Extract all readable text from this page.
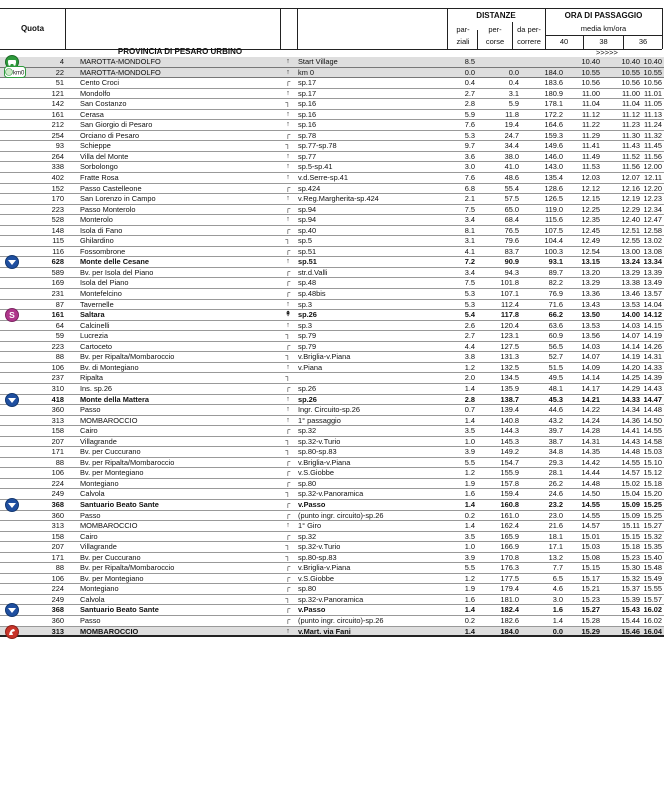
Quota
DISTANZE
par-
ziali
per-
corse
da per-
correre
ORA DI PASSAGGIO
media km/ora
40	38	36
PROVINCIA DI PESARO URBINO	>>>>>
4 MAROTTA-MONDOLFO	↑	Start Village	8.5	10.40	10.40 10.40
km0	22 MAROTTA-MONDOLFO	↑	km 0	0.0	0.0	184.0	10.55	10.55 10.55
51 Cento Croci	┌	sp.17	0.4	0.4	183.6	10.56	10.56 10.56
121 Mondolfo	↑	sp.17	2.7	3.1	180.9	11.00	11.00 11.01
142 San Costanzo	┐	sp.16	2.8	5.9	178.1	11.04	11.04 11.05
161 Cerasa	↑	sp.16	5.9	11.8	172.2	11.12	11.12 11.13
212 San Giorgio di Pesaro	↑	sp.16	7.6	19.4	164.6	11.22	11.23 11.24
254 Orciano di Pesaro	┌	sp.78	5.3	24.7	159.3	11.29	11.30 11.32
93 Schieppe	┐	sp.77-sp.78	9.7	34.4	149.6	11.41	11.43 11.45
264 Villa del Monte	↑	sp.77	3.6	38.0	146.0	11.49	11.52 11.56
338 Sorbolongo	↑	sp.5-sp.41	3.0	41.0	143.0	11.53	11.56 12.00
402 Fratte Rosa	↑	v.d.Serre-sp.41	7.6	48.6	135.4	12.03	12.07 12.11
152 Passo Castelleone	┌	sp.424	6.8	55.4	128.6	12.12	12.16 12.20
170 San Lorenzo in Campo	↑	v.Reg.Margherita-sp.424	2.1	57.5	126.5	12.15	12.19 12.23
223 Passo Monterolo	┌	sp.94	7.5	65.0	119.0	12.25	12.29 12.34
528 Monterolo	↑	sp.94	3.4	68.4	115.6	12.35	12.40 12.47
148 Isola di Fano	┌	sp.40	8.1	76.5	107.5	12.45	12.51 12.58
115 Ghilardino	┐	sp.5	3.1	79.6	104.4	12.49	12.55 13.02
116 Fossombrone	┌	sp.51	4.1	83.7	100.3	12.54	13.00 13.08
628 Monte delle Cesane	↑	sp.51	7.2	90.9	93.1	13.15	13.24 13.34
589 Bv. per Isola del Piano	┌	str.d.Valli	3.4	94.3	89.7	13.20	13.29 13.39
169 Isola del Piano	┌	sp.48	7.5	101.8	82.2	13.29	13.38 13.49
231 Montefelcino	┌	sp.48bis	5.3	107.1	76.9	13.36	13.46 13.57
87 Tavernelle	↑	sp.3	5.3	112.4	71.6	13.43	13.53 14.04
S	161 Saltara	↟ sp.26	5.4	117.8	66.2	13.50	14.00 14.12
64 Calcinelli	↑	sp.3	2.6	120.4	63.6	13.53	14.03 14.15
59 Lucrezia	┐	sp.79	2.7	123.1	60.9	13.56	14.07 14.19
223 Cartoceto	┌	sp.79	4.4	127.5	56.5	14.03	14.14 14.26
88 Bv. per Ripalta/Mombaroccio	┐	v.Briglia-v.Piana	3.8	131.3	52.7	14.07	14.19 14.31
106 Bv. di Montegiano	↑	v.Piana	1.2	132.5	51.5	14.09	14.20 14.33
237 Ripalta	┐	2.0	134.5	49.5	14.14	14.25 14.39
310 Ins. sp.26	┌	sp.26	1.4	135.9	48.1	14.17	14.29 14.43
418 Monte della Mattera	↑	sp.26	2.8	138.7	45.3	14.21	14.33 14.47
360 Passo	↑	Ingr. Circuito-sp.26	0.7	139.4	44.6	14.22	14.34 14.48
313 MOMBAROCCIO	↑	1° passaggio	1.4	140.8	43.2	14.24	14.36 14.50
158 Cairo	┌	sp.32	3.5	144.3	39.7	14.28	14.41 14.55
207 Villagrande	┐	sp.32-v.Turio	1.0	145.3	38.7	14.31	14.43 14.58
171 Bv. per Cuccurano	┐	sp.80-sp.83	3.9	149.2	34.8	14.35	14.48 15.03
88 Bv. per Ripalta/Mombaroccio	┌	v.Briglia-v.Piana	5.5	154.7	29.3	14.42	14.55 15.10
106 Bv. per Montegiano	┌	v.S.Giobbe	1.2	155.9	28.1	14.44	14.57 15.12
224 Montegiano	┌	sp.80	1.9	157.8	26.2	14.48	15.02 15.18
249 Calvola	┐	sp.32-v.Panoramica	1.6	159.4	24.6	14.50	15.04 15.20
368 Santuario Beato Sante	┌	v.Passo	1.4	160.8	23.2	14.55	15.09 15.25
360 Passo	┌	(punto ingr. circuito)-sp.26	0.2	161.0	23.0	14.55	15.09 15.25
313 MOMBAROCCIO	↑	1° Giro	1.4	162.4	21.6	14.57	15.11 15.27
158 Cairo	┌	sp.32	3.5	165.9	18.1	15.01	15.15 15.32
207 Villagrande	┐	sp.32-v.Turio	1.0	166.9	17.1	15.03	15.18 15.35
171 Bv. per Cuccurano	┐	sp.80-sp.83	3.9	170.8	13.2	15.08	15.23 15.40
88 Bv. per Ripalta/Mombaroccio	┌	v.Briglia-v.Piana	5.5	176.3	7.7	15.15	15.30 15.48
106 Bv. per Montegiano	┌	v.S.Giobbe	1.2	177.5	6.5	15.17	15.32 15.49
224 Montegiano	┌	sp.80	1.9	179.4	4.6	15.21	15.37 15.55
249 Calvola	┐	sp.32-v.Panoramica	1.6	181.0	3.0	15.23	15.39 15.57
368 Santuario Beato Sante	┌	v.Passo	1.4	182.4	1.6	15.27	15.43 16.02
360 Passo	┌	(punto ingr. circuito)-sp.26	0.2	182.6	1.4	15.28	15.44 16.02
313 MOMBAROCCIO	↑	v.Mart. via Fani	1.4	184.0	0.0	15.29	15.46 16.04
